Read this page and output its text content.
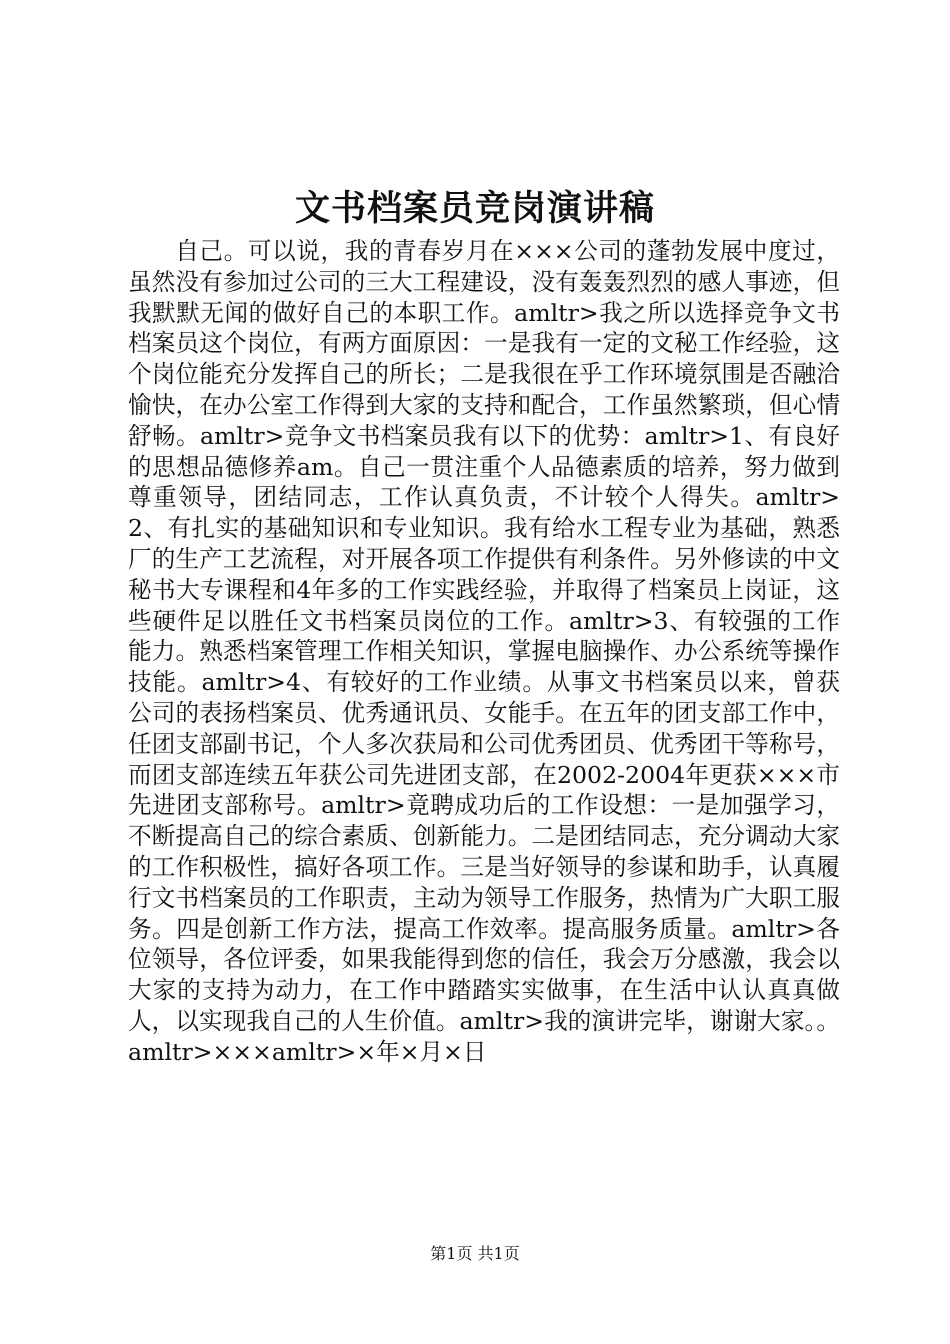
文书档案员竞岗演讲稿

自己。可以说，我的青春岁月在×××公司的蓬勃发展中度过，虽然没有参加过公司的三大工程建设，没有轰轰烈烈的感人事迹，但我默默无闻的做好自己的本职工作。amltr>我之所以选择竞争文书档案员这个岗位，有两方面原因：一是我有一定的文秘工作经验，这个岗位能充分发挥自己的所长；二是我很在乎工作环境氛围是否融洽愉快，在办公室工作得到大家的支持和配合，工作虽然繁琐，但心情舒畅。amltr>竞争文书档案员我有以下的优势：amltr>1、有良好的思想品德修养am。自己一贯注重个人品德素质的培养，努力做到尊重领导，团结同志，工作认真负责，不计较个人得失。amltr>2、有扎实的基础知识和专业知识。我有给水工程专业为基础，熟悉厂的生产工艺流程，对开展各项工作提供有利条件。另外修读的中文秘书大专课程和4年多的工作实践经验，并取得了档案员上岗证，这些硬件足以胜任文书档案员岗位的工作。amltr>3、有较强的工作能力。熟悉档案管理工作相关知识，掌握电脑操作、办公系统等操作技能。amltr>4、有较好的工作业绩。从事文书档案员以来，曾获公司的表扬档案员、优秀通讯员、女能手。在五年的团支部工作中，任团支部副书记，个人多次获局和公司优秀团员、优秀团干等称号，而团支部连续五年获公司先进团支部，在2002-2004年更获×××市先进团支部称号。amltr>竟聘成功后的工作设想：一是加强学习，不断提高自己的综合素质、创新能力。二是团结同志，充分调动大家的工作积极性，搞好各项工作。三是当好领导的参谋和助手，认真履行文书档案员的工作职责，主动为领导工作服务，热情为广大职工服务。四是创新工作方法，提高工作效率。提高服务质量。amltr>各位领导，各位评委，如果我能得到您的信任，我会万分感激，我会以大家的支持为动力，在工作中踏踏实实做事，在生活中认认真真做人，以实现我自己的人生价值。amltr>我的演讲完毕，谢谢大家。。amltr>×××amltr>×年×月×日

第1页 共1页
